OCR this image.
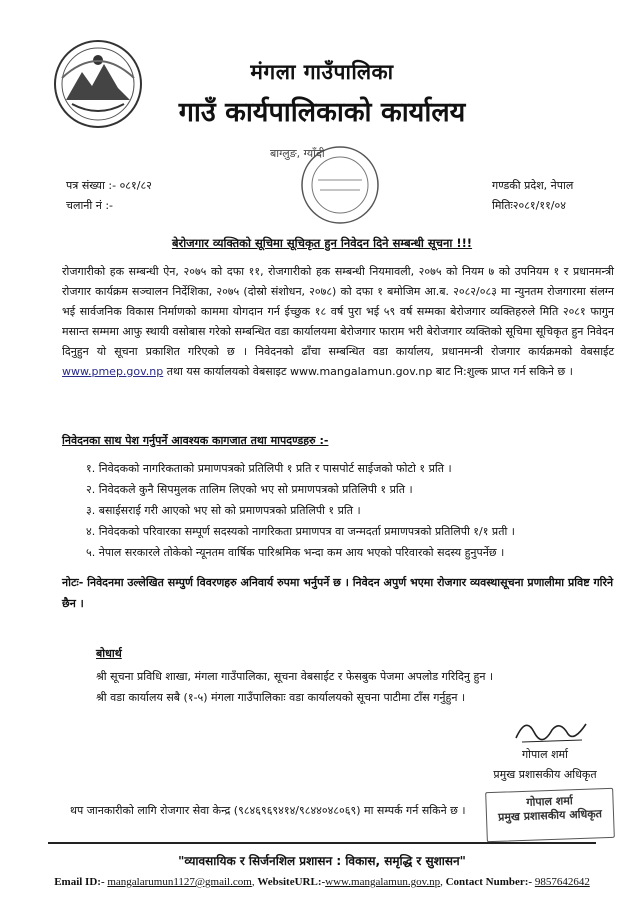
मंगला गाउँपालिका
गाउँ कार्यपालिकाको कार्यालय
बाग्लुङ, ग्याँदी
पत्र संख्या :- ०८१/८२
चलानी नं :-
गण्डकी प्रदेश, नेपाल
मितिः२०८१/११/०४
बेरोजगार व्यक्तिको सूचिमा सूचिकृत हुन निवेदन दिने सम्बन्धी सूचना !!!
रोजगारीको हक सम्बन्धी ऐन, २०७५ को दफा ११, रोजगारीको हक सम्बन्धी नियमावली, २०७५ को नियम ७ को उपनियम १ र प्रधानमन्त्री रोजगार कार्यक्रम सञ्चालन निर्देशिका, २०७५ (दोस्रो संशोधन, २०७८) को दफा १ बमोजिम आ.ब. २०८२/०८३ मा न्युनतम रोजगारमा संलग्न भई सार्वजनिक विकास निर्माणको काममा योगदान गर्न ईच्छुक १८ वर्ष पुरा भई ५९ वर्ष सम्मका बेरोजगार व्यक्तिहरुले मिति २०८१ फागुन मसान्त सम्ममा आफु स्थायी वसोबास गरेको सम्बन्धित वडा कार्यालयमा बेरोजगार फाराम भरी बेरोजगार व्यक्तिको सूचिमा सूचिकृत हुन निवेदन दिनुहुन यो सूचना प्रकाशित गरिएको छ । निवेदनको ढाँचा सम्बन्धित वडा कार्यालय, प्रधानमन्त्री रोजगार कार्यक्रमको वेबसाईट www.pmep.gov.np तथा यस कार्यालयको वेबसाइट www.mangalamun.gov.np बाट नि:शुल्क प्राप्त गर्न सकिने छ ।
निवेदनका साथ पेश गर्नुपर्ने आवश्यक कागजात तथा मापदण्डहरु :-
१. निवेदकको नागरिकताको प्रमाणपत्रको प्रतिलिपी १ प्रति र पासपोर्ट साईजको फोटो १ प्रति ।
२. निवेदकले कुनै सिपमुलक तालिम लिएको भए सो प्रमाणपत्रको प्रतिलिपी १ प्रति ।
३. बसाईसराई गरी आएको भए सो को प्रमाणपत्रको प्रतिलिपी १ प्रति ।
४. निवेदकको परिवारका सम्पूर्ण सदस्यको नागरिकता प्रमाणपत्र वा जन्मदर्ता प्रमाणपत्रको प्रतिलिपी १/१ प्रती ।
५. नेपाल सरकारले तोकेको न्यूनतम वार्षिक पारिश्रमिक भन्दा कम आय भएको परिवारको सदस्य हुनुपर्नेछ ।
नोटः- निवेदनमा उल्लेखित सम्पुर्ण विवरणहरु अनिवार्य रुपमा भर्नुपर्ने छ । निवेदन अपुर्ण भएमा रोजगार व्यवस्थासूचना प्रणालीमा प्रविष्ट गरिने छैन ।
बोधार्थ
श्री सूचना प्रविधि शाखा, मंगला गाउँपालिका, सूचना वेबसाईट र फेसबुक पेजमा अपलोड गरिदिनु हुन ।
श्री वडा कार्यालय सबै (१-५) मंगला गाउँपालिकाः वडा कार्यालयको सूचना पाटीमा टाँस गर्नुहुन ।
गोपाल शर्मा
प्रमुख प्रशासकीय अधिकृत
थप जानकारीको लागि रोजगार सेवा केन्द्र (९८४६९६९४१४/९८४४०४८०६९) मा सम्पर्क गर्न सकिने छ ।
गोपाल शर्मा
प्रमुख प्रशासकीय अधिकृत
"व्यावसायिक र सिर्जनशिल प्रशासन : विकास, समृद्धि र सुशासन"
Email ID:- mangalarumun1127@gmail.com, WebsiteURL:-www.mangalamun.gov.np, Contact Number:- 9857642642
